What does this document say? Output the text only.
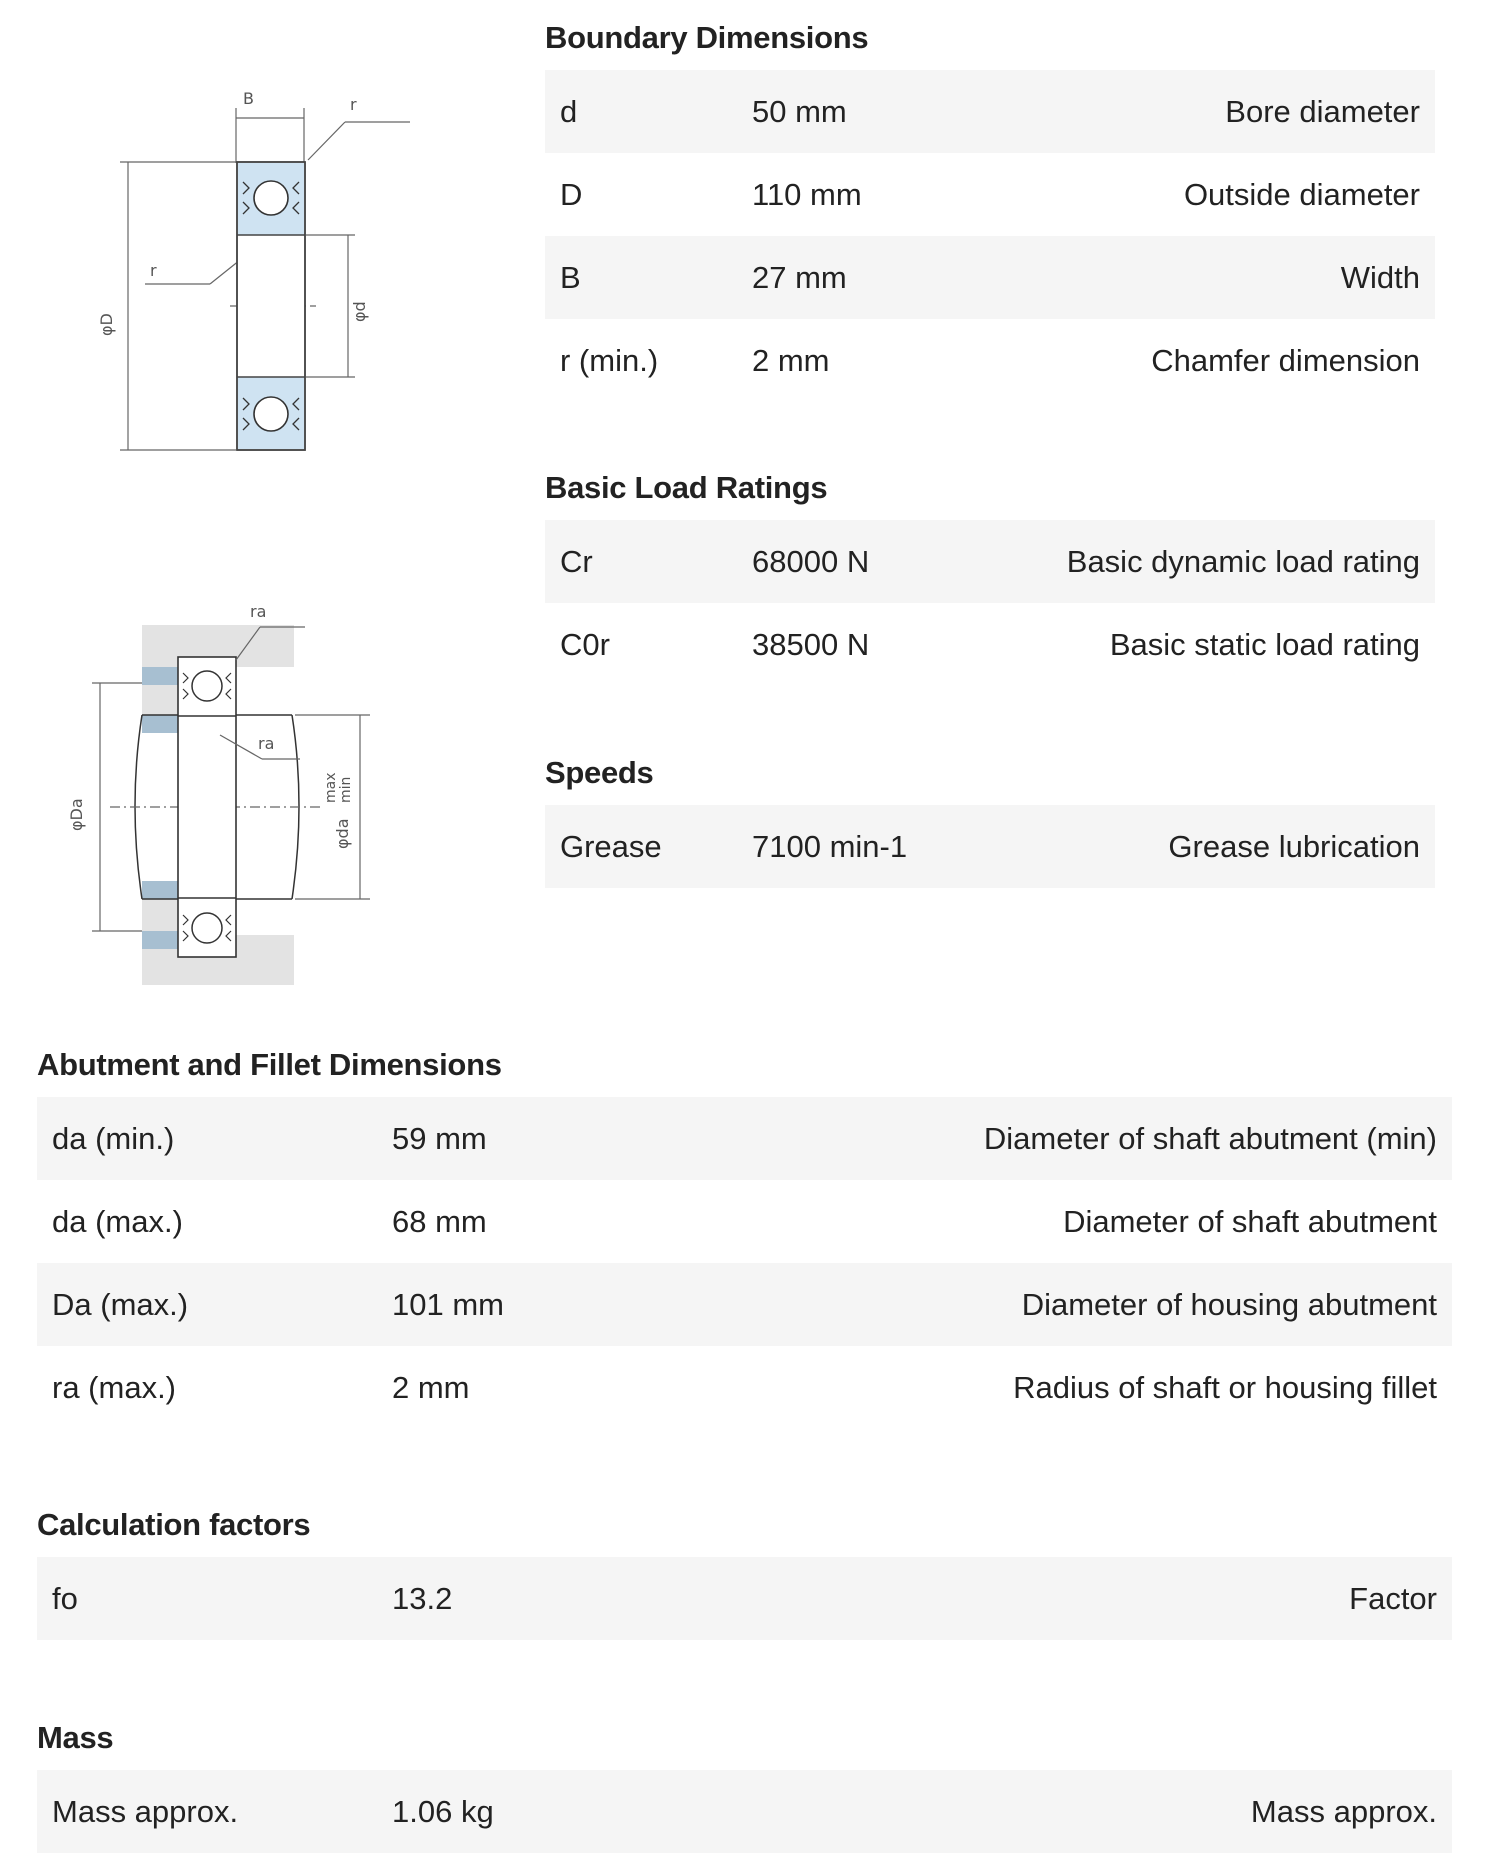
B	r
r
φD
φd
ra
ra
φDa
φda
max min
Boundary Dimensions
d	50 mm	Bore diameter
D	110 mm	Outside diameter
B	27 mm	Width
r (min.)	2 mm	Chamfer dimension
Basic Load Ratings
Cr	68000 N	Basic dynamic load rating
C0r	38500 N	Basic static load rating
Speeds
Grease	7100 min-1	Grease lubrication
Abutment and Fillet Dimensions
da (min.)	59 mm	Diameter of shaft abutment (min)
da (max.)	68 mm	Diameter of shaft abutment
Da (max.)	101 mm	Diameter of housing abutment
ra (max.)	2 mm	Radius of shaft or housing fillet
Calculation factors
fo	13.2	Factor
Mass
Mass approx.	1.06 kg	Mass approx.
